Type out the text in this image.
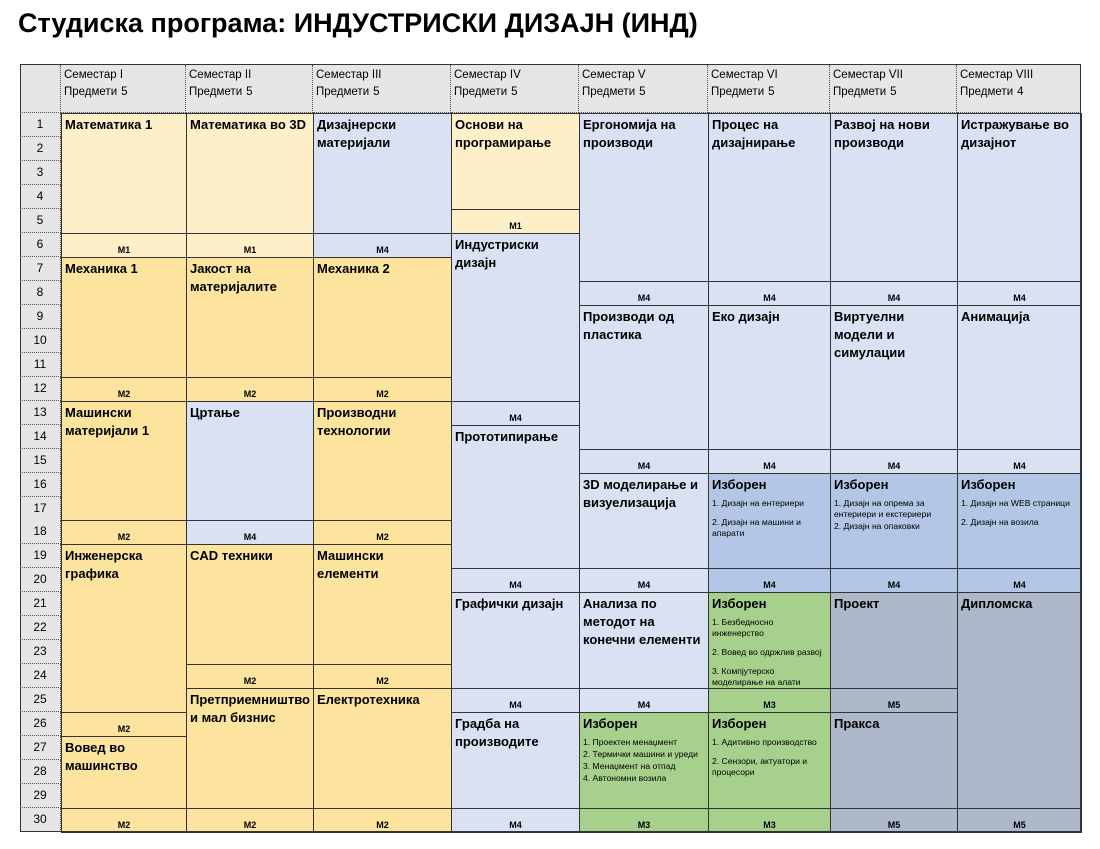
Студиска програма: ИНДУСТРИСКИ ДИЗАЈН (ИНД)
1
2
3
4
5
6
7
8
9
10
11
12
13
14
15
16
17
18
19
20
21
22
23
24
25
26
27
28
29
30
Семестар I
Предмети 5
Математика 1
М1
Механика 1
М2
Машински материјали 1
М2
Инженерска графика
М2
Вовед во машинство
М2
Семестар II
Предмети 5
Математика во 3D
М1
Јакост на материјалите
М2
Цртање
М4
CAD техники
М2
Претприемништво и мал бизнис
М2
Семестар III
Предмети 5
Дизајнерски материјали
М4
Механика 2
М2
Производни технологии
М2
Машински елементи
М2
Електротехника
М2
Семестар IV
Предмети 5
Основи на програмирање
М1
Индустриски дизајн
М4
Прототипирање
М4
Графички дизајн
М4
Градба на производите
М4
Семестар V
Предмети 5
Ергономија на производи
М4
Производи од пластика
М4
3D моделирање и визуелизација
М4
Анализа по методот на конечни елементи
М4
Изборен
1. Проектен менаџмент
2. Термички машини и уреди
3. Менаџмент на отпад
4. Автономни возила
М3
Семестар VI
Предмети 5
Процес на дизајнирање
М4
Еко дизајн
М4
Изборен
1. Дизајн на ентериери
2. Дизајн на машини и апарати
М4
Изборен
1. Безбедносно инженерство
2. Вовед во одржлив развој
3. Компјутерско моделирање на алати
М3
Изборен
1. Адитивно производство
2. Сензори, актуатори и процесори
М3
Семестар VII
Предмети 5
Развој на нови производи
М4
Виртуелни модели и симулации
М4
Изборен
1. Дизајн на опрема за ентериери и екстериери
2. Дизајн на опаковки
М4
Проект
М5
Пракса
М5
Семестар VIII
Предмети 4
Истражување во дизајнот
М4
Анимација
М4
Изборен
1. Дизајн на WEB страници
2. Дизајн на возила
М4
Дипломска
М5
